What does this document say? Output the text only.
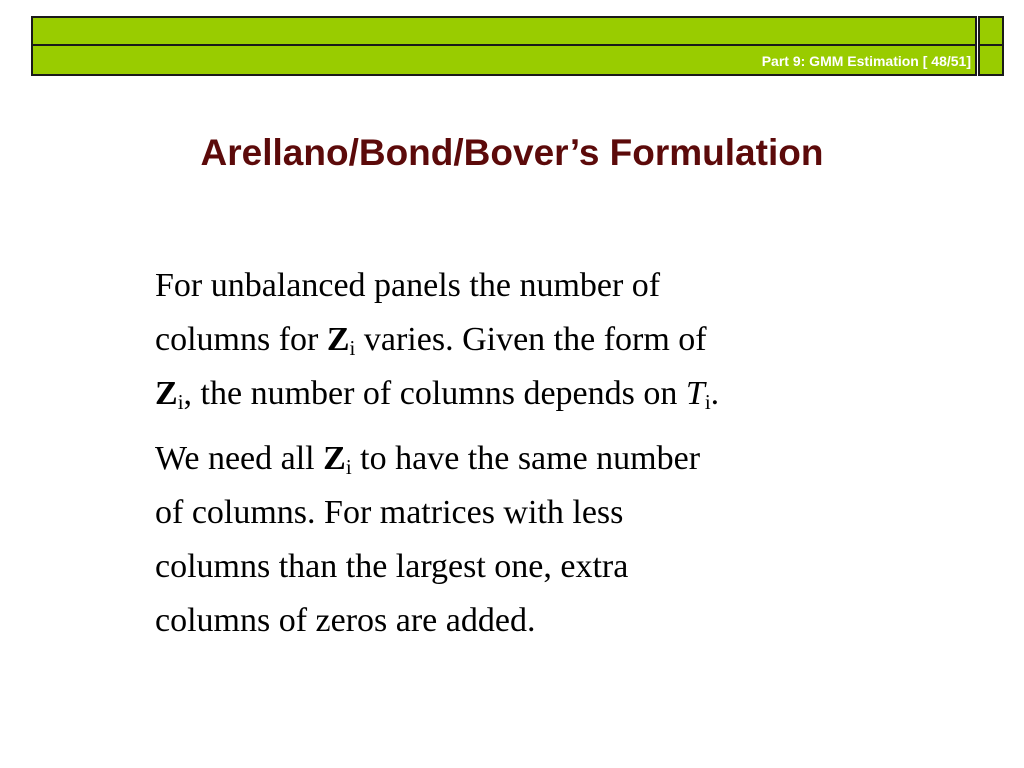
Part 9: GMM Estimation [ 48/51]
Arellano/Bond/Bover’s Formulation
For unbalanced panels the number of
columns for $Z_i$ varies. Given the form of
$Z_i$, the number of columns depends on $T_i$.
We need all $Z_i$ to have the same number
of columns. For matrices with less
columns than the largest one, extra
columns of zeros are added.
